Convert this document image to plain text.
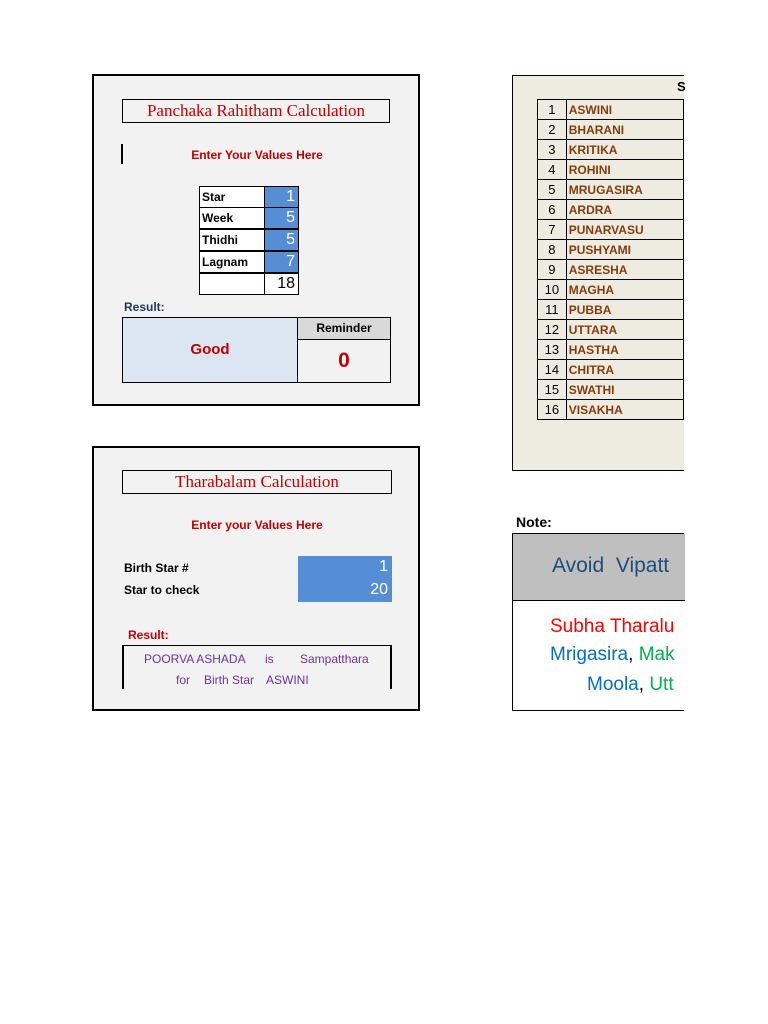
Panchaka Rahitham Calculation
Enter Your Values Here
Star	1
Week	5
Thidhi	5
Lagnam	7
18
Result:
Good
Reminder
0
Tharabalam Calculation
Enter your Values Here
Birth Star #	1
Star to check	20
Result:
POORVA ASHADA is Sampatthara
for Birth Star ASWINI
S
1	ASWINI
2	BHARANI
3	KRITIKA
4	ROHINI
5	MRUGASIRA
6	ARDRA
7	PUNARVASU
8	PUSHYAMI
9	ASRESHA
10	MAGHA
11	PUBBA
12	UTTARA
13	HASTHA
14	CHITRA
15	SWATHI
16	VISAKHA
Note:
Avoid  Vipatt
Subha Tharalu
Mrigasira, Mak
Moola, Utt
